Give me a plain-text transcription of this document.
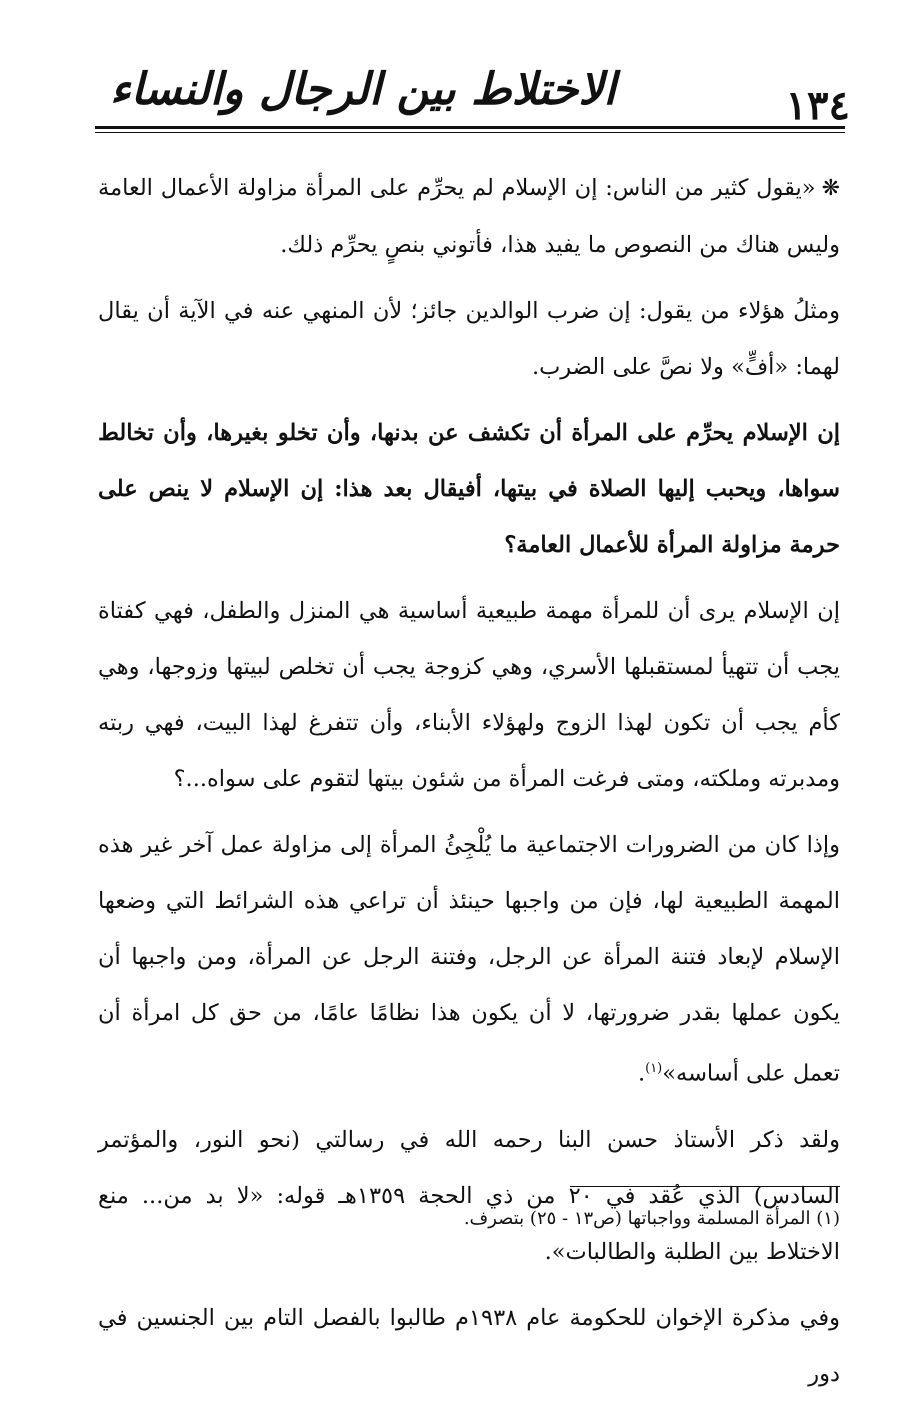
١٣٤
الاختلاط بين الرجال والنساء

❋«يقول كثير من الناس: إن الإسلام لم يحرِّم على المرأة مزاولة الأعمال العامة وليس هناك من النصوص ما يفيد هذا، فأتوني بنصٍ يحرِّم ذلك.

ومثلُ هؤلاء من يقول: إن ضرب الوالدين جائز؛ لأن المنهي عنه في الآية أن يقال لهما: «أفٍّ» ولا نصَّ على الضرب.

إن الإسلام يحرِّم على المرأة أن تكشف عن بدنها، وأن تخلو بغيرها، وأن تخالط سواها، ويحبب إليها الصلاة في بيتها، أفيقال بعد هذا: إن الإسلام لا ينص على حرمة مزاولة المرأة للأعمال العامة؟

إن الإسلام يرى أن للمرأة مهمة طبيعية أساسية هي المنزل والطفل، فهي كفتاة يجب أن تتهيأ لمستقبلها الأسري، وهي كزوجة يجب أن تخلص لبيتها وزوجها، وهي كأم يجب أن تكون لهذا الزوج ولهؤلاء الأبناء، وأن تتفرغ لهذا البيت، فهي ربته ومدبرته وملكته، ومتى فرغت المرأة من شئون بيتها لتقوم على سواه...؟

وإذا كان من الضرورات الاجتماعية ما يُلْجِئُ المرأة إلى مزاولة عمل آخر غير هذه المهمة الطبيعية لها، فإن من واجبها حينئذ أن تراعي هذه الشرائط التي وضعها الإسلام لإبعاد فتنة المرأة عن الرجل، وفتنة الرجل عن المرأة، ومن واجبها أن يكون عملها بقدر ضرورتها، لا أن يكون هذا نظامًا عامًا، من حق كل امرأة أن تعمل على أساسه»$^{(١)}$.

ولقد ذكر الأستاذ حسن البنا رحمه الله في رسالتي (نحو النور، والمؤتمر السادس) الذي عُقد في ٢٠ من ذي الحجة ١٣٥٩هـ قوله: «لا بد من... منع الاختلاط بين الطلبة والطالبات».

وفي مذكرة الإخوان للحكومة عام ١٩٣٨م طالبوا بالفصل التام بين الجنسين في دور

(١) المرأة المسلمة وواجباتها (ص١٣ - ٢٥) بتصرف.
